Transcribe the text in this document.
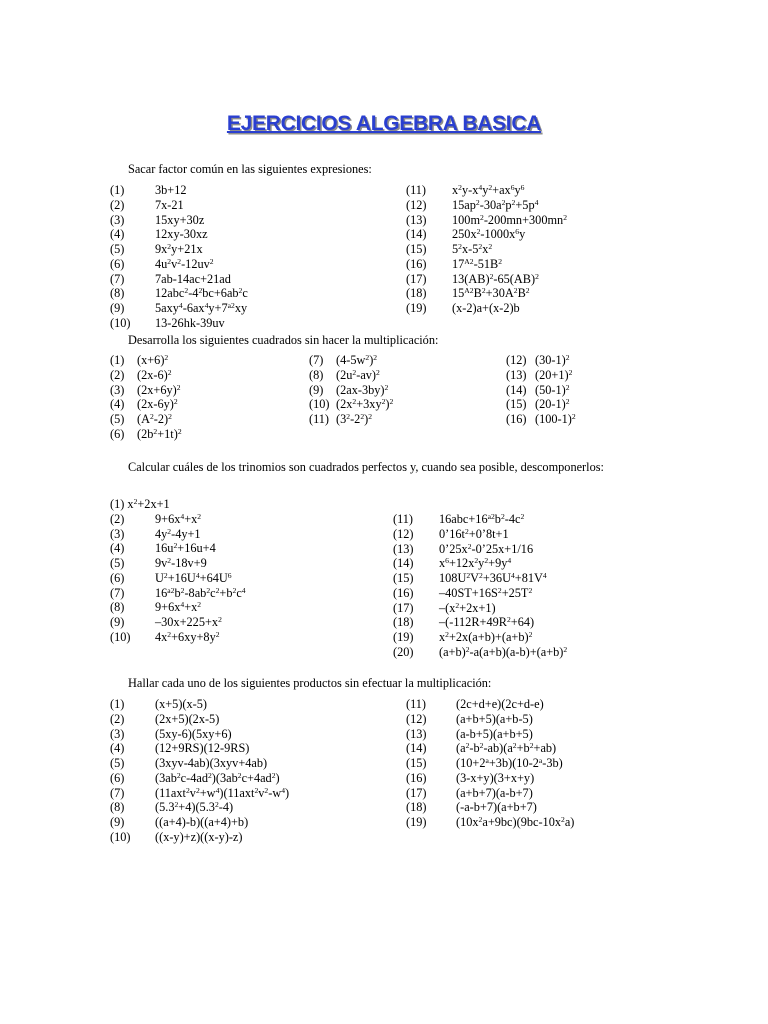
EJERCICIOS ALGEBRA BASICA
Sacar factor común en las siguientes expresiones:
(1) 3b+12
(2) 7x-21
(3) 15xy+30z
(4) 12xy-30xz
(5) $9x^2y+21x$
(6) $4u^2v^2-12uv^2$
(7) 7ab-14ac+21ad
(8) $12abc^2-4^2bc+6ab^2c$
(9) $5axy^4-6ax^4y+7^{a2}xy$
(10) 13-26hk-39uv
(11) $x^2y-x^4y^2+ax^6y^6$
(12) $15ap^2-30a^2p^2+5p^4$
(13) $100m^2-200mn+300mn^2$
(14) $250x^2-1000x^6y$
(15) $5^2x-5^2x^2$
(16) $17^{A2}-51B^2$
(17) 13(AB)$^2$-65(AB)$^2$
(18) $15^{A2}B^2+30A^2B^2$
(19) (x-2)a+(x-2)b
Desarrolla los siguientes cuadrados sin hacer la multiplicación:
(1) $(x+6)^2$
(2) $(2x-6)^2$
(3) $(2x+6y)^2$
(4) $(2x-6y)^2$
(5) $(A^2-2)^2$
(6) $(2b^2+1t)^2$
(7) $(4-5w^2)^2$
(8) $(2u^2-av)^2$
(9) $(2ax-3by)^2$
(10) $(2x^2+3xy^2)^2$
(11) $(3^2-2^2)^2$
(12) $(30-1)^2$
(13) $(20+1)^2$
(14) $(50-1)^2$
(15) $(20-1)^2$
(16) $(100-1)^2$
Calcular cuáles de los trinomios son cuadrados perfectos y, cuando sea posible, descomponerlos:
(1) $x^2+2x+1$
(2) $9+6x^4+x^2$
(3) $4y^2-4y+1$
(4) $16u^2+16u+4$
(5) $9v^2-18v+9$
(6) $U^2+16U^4+64U^6$
(7) $16^{a2}b^2-8ab^2c^2+b^2c^4$
(8) $9+6x^4+x^2$
(9) $-30x+225+x^2$
(10) $4x^2+6xy+8y^2$
(11) $16abc+16^{a2}b^2-4c^2$
(12) $0’16t^2+0’8t+1$
(13) $0’25x^2-0’25x+1/16$
(14) $x^6+12x^2y^2+9y^4$
(15) $108U^2V^2+36U^4+81V^4$
(16) $-40ST+16S^2+25T^2$
(17) $-(x^2+2x+1)$
(18) $-(-112R+49R^2+64)$
(19) $x^2+2x(a+b)+(a+b)^2$
(20) $(a+b)^2-a(a+b)(a-b)+(a+b)^2$
Hallar cada uno de los siguientes productos sin efectuar la multiplicación:
(1) (x+5)(x-5)
(2) (2x+5)(2x-5)
(3) (5xy-6)(5xy+6)
(4) (12+9RS)(12-9RS)
(5) (3xyv-4ab)(3xyv+4ab)
(6) $(3ab^2c-4ad^2)(3ab^2c+4ad^2)$
(7) $(11axt^2v^2+w^4)(11axt^2v^2-w^4)$
(8) $(5.3^2+4)(5.3^2-4)$
(9) ((a+4)-b)((a+4)+b)
(10) ((x-y)+z)((x-y)-z)
(11) (2c+d+e)(2c+d-e)
(12) (a+b+5)(a+b-5)
(13) (a-b+5)(a+b+5)
(14) $(a^2-b^2-ab)(a^2+b^2+ab)$
(15) $(10+2^a+3b)(10-2^a-3b)$
(16) (3-x+y)(3+x+y)
(17) (a+b+7)(a-b+7)
(18) (-a-b+7)(a+b+7)
(19) $(10x^2a+9bc)(9bc-10x^2a)$
